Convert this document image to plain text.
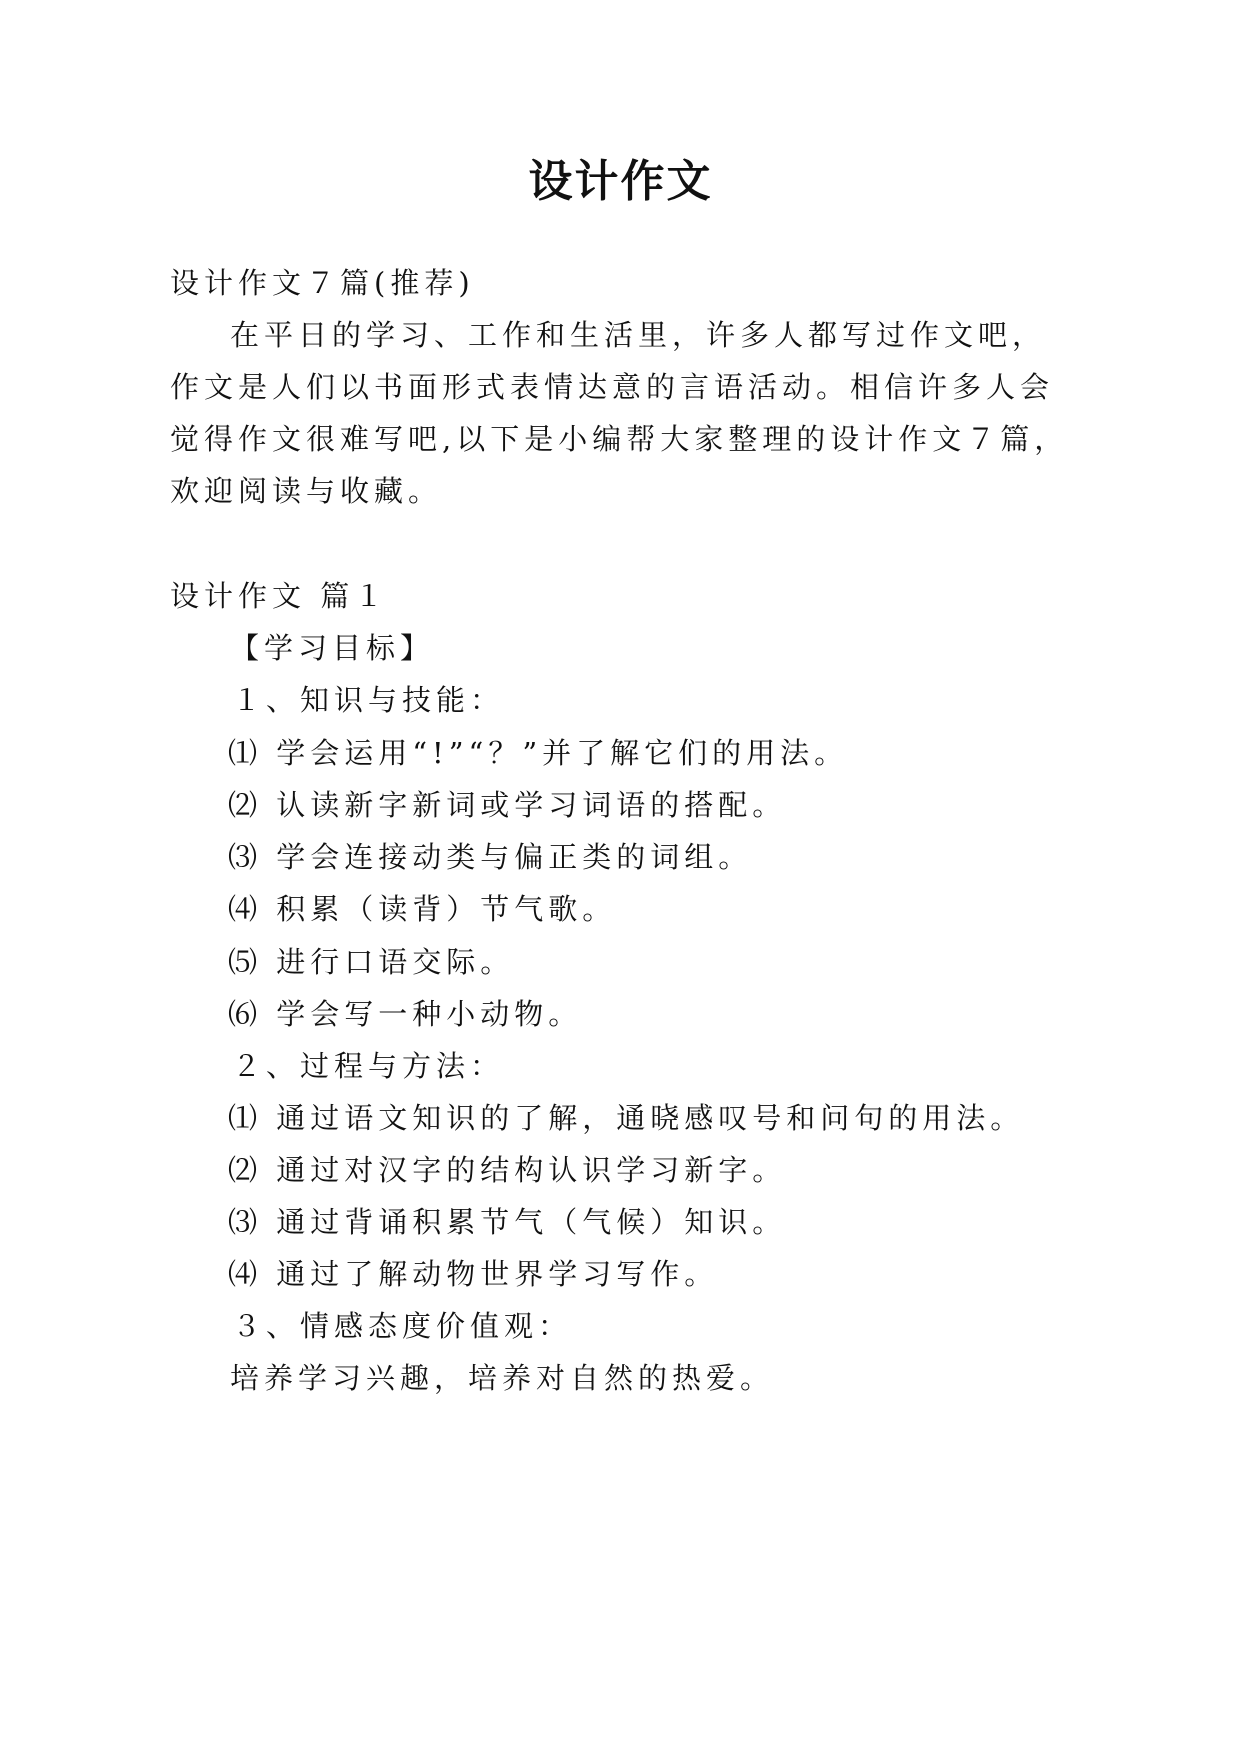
设计作文
设计作文７篇(推荐)
在平日的学习、工作和生活里，许多人都写过作文吧，
作文是人们以书面形式表情达意的言语活动。相信许多人会
觉得作文很难写吧,以下是小编帮大家整理的设计作文７篇，
欢迎阅读与收藏。
设计作文 篇１
【学习目标】
１、知识与技能：
⑴ 学会运用“!”“？”并了解它们的用法。
⑵ 认读新字新词或学习词语的搭配。
⑶ 学会连接动类与偏正类的词组。
⑷ 积累（读背）节气歌。
⑸ 进行口语交际。
⑹ 学会写一种小动物。
２、过程与方法：
⑴ 通过语文知识的了解，通晓感叹号和问句的用法。
⑵ 通过对汉字的结构认识学习新字。
⑶ 通过背诵积累节气（气候）知识。
⑷ 通过了解动物世界学习写作。
３、情感态度价值观：
培养学习兴趣，培养对自然的热爱。
